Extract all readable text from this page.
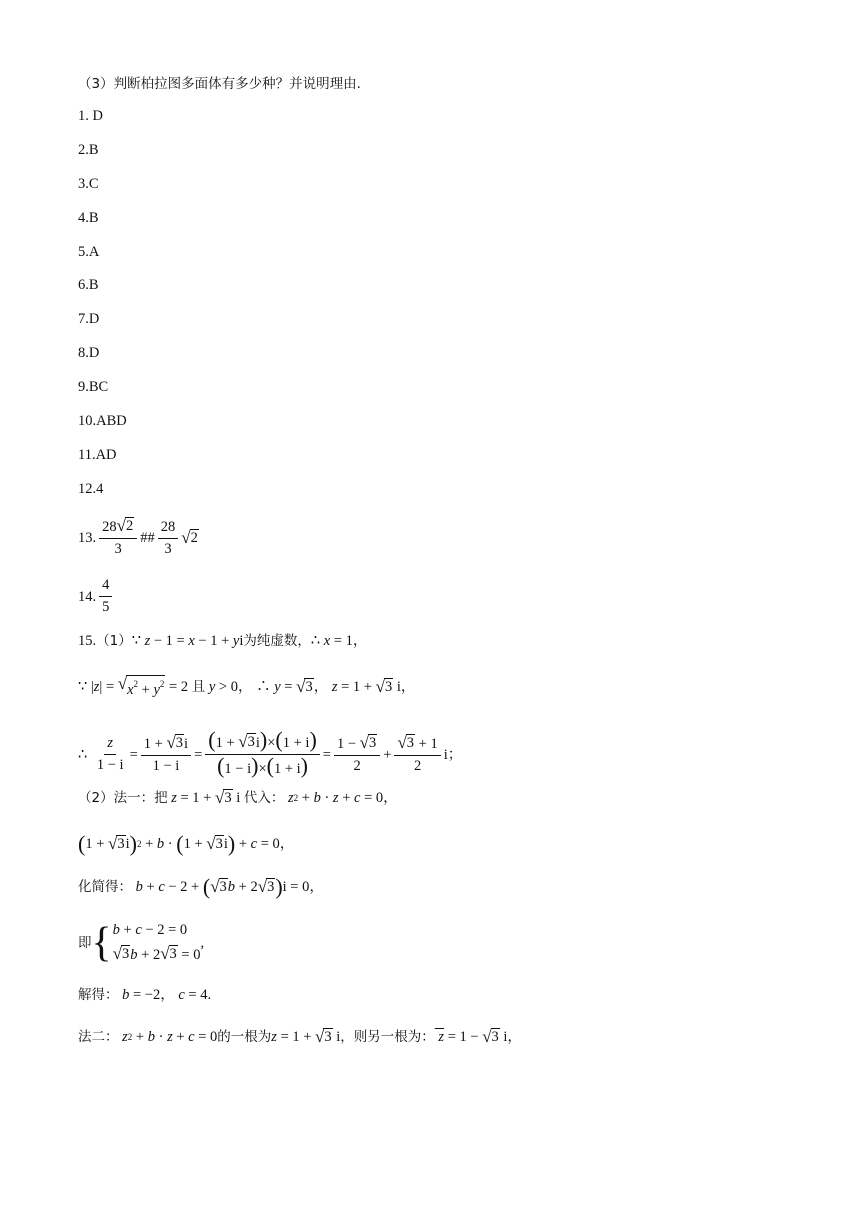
（3）判断柏拉图多面体有多少种？并说明理由.
1. D
2.B
3.C
4.B
5.A
6.B
7.D
8.D
9.BC
10.ABD
11.AD
12.4
13. $\frac{28 √ 2}{3}$ ## $\frac{28}{3}$ √ 2
14. $\frac{4}{5}$
15. （1） ∵ z − 1 = x − 1 + y i 为纯虚数， ∴ x = 1，
∵ | z | = √ $x^2 + y^2 = 2$ 且
y > 0， ∴ y = √ 3 ， z = 1 + √ 3 i，
∴ $\frac{z}{1 - i} = \frac{1 + √ 3 i}{1 - i} = \frac{(1 + √ 3 i)\times(1 + i)}{(1 - i)\times(1 + i)} = \frac{1 - √ 3}{2} + \frac{√ 3 + 1}{2}$ i；
（2）法一：把 z = 1 + √ 3 i 代入： z 2 + b · z + c = 0，
( 1 + √ 3 i ) 2 + b · ( 1 + √ 3 i ) + c = 0，
化简得： b + c − 2 + ( √ 3 b + 2 √ 3 ) i = 0，
即 { b + c − 2 = 0
√ 3 b + 2 √ 3 = 0
,
解得： b = −2， c = 4.
法二： z 2 + b · z + c = 0 的一根为 z = 1 + √ 3 i ，则另一根为： z = 1 − √ 3 i，
